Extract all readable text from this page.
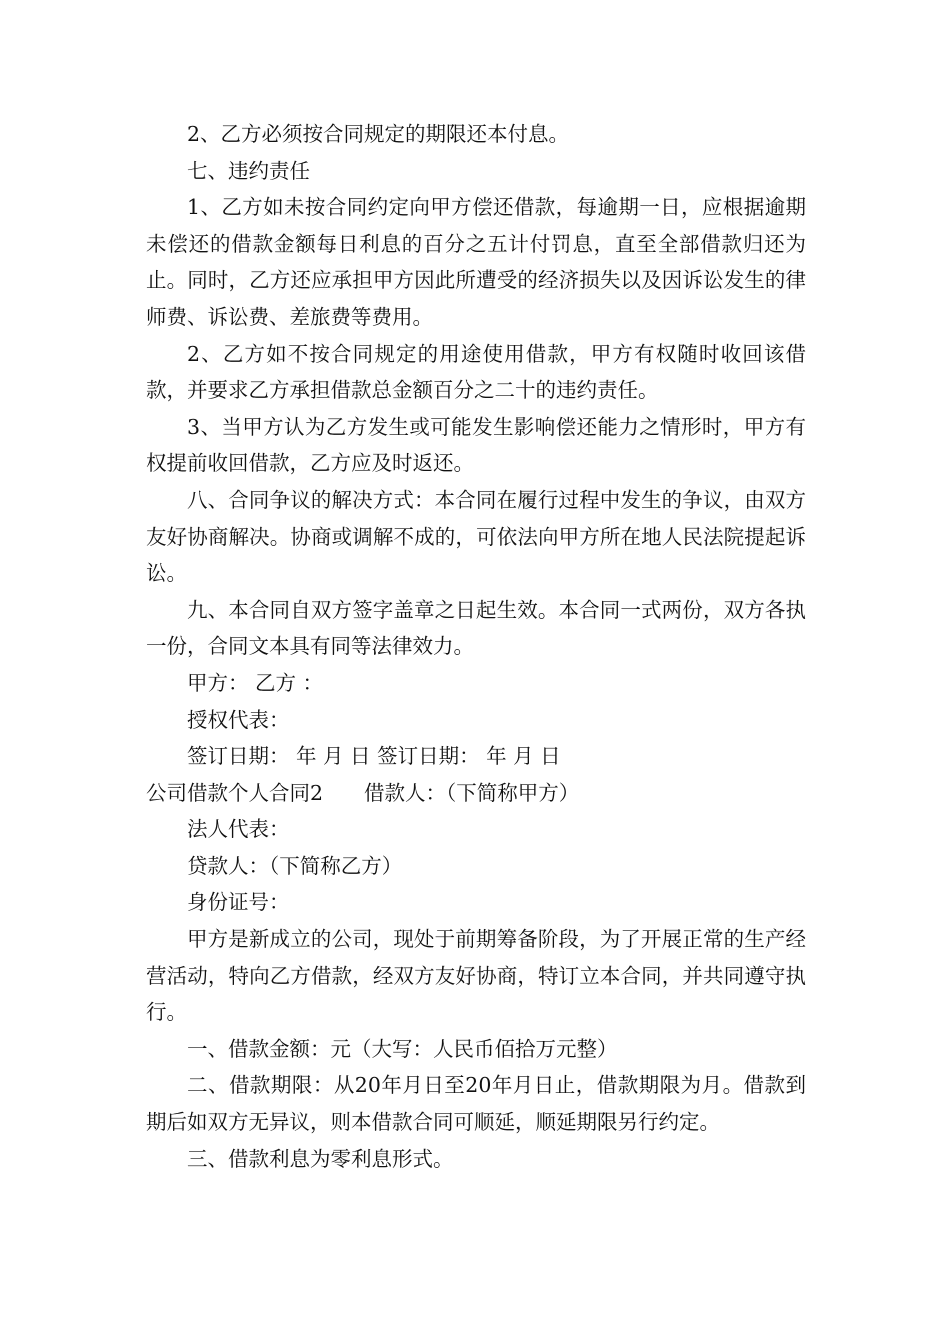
2、乙方必须按合同规定的期限还本付息。

七、违约责任

1、乙方如未按合同约定向甲方偿还借款，每逾期一日，应根据逾期未偿还的借款金额每日利息的百分之五计付罚息，直至全部借款归还为止。同时，乙方还应承担甲方因此所遭受的经济损失以及因诉讼发生的律师费、诉讼费、差旅费等费用。

2、乙方如不按合同规定的用途使用借款，甲方有权随时收回该借款，并要求乙方承担借款总金额百分之二十的违约责任。

3、当甲方认为乙方发生或可能发生影响偿还能力之情形时，甲方有权提前收回借款，乙方应及时返还。

八、合同争议的解决方式：本合同在履行过程中发生的争议，由双方友好协商解决。协商或调解不成的，可依法向甲方所在地人民法院提起诉讼。

九、本合同自双方签字盖章之日起生效。本合同一式两份，双方各执一份，合同文本具有同等法律效力。

甲方： 乙方 ：

授权代表：

签订日期： 年 月 日 签订日期： 年 月 日

公司借款个人合同2　　借款人：（下简称甲方）

法人代表：

贷款人：（下简称乙方）

身份证号：

甲方是新成立的公司，现处于前期筹备阶段，为了开展正常的生产经营活动，特向乙方借款，经双方友好协商，特订立本合同，并共同遵守执行。

一、借款金额：元（大写：人民币佰拾万元整）

二、借款期限：从20年月日至20年月日止，借款期限为月。借款到期后如双方无异议，则本借款合同可顺延，顺延期限另行约定。

三、借款利息为零利息形式。
